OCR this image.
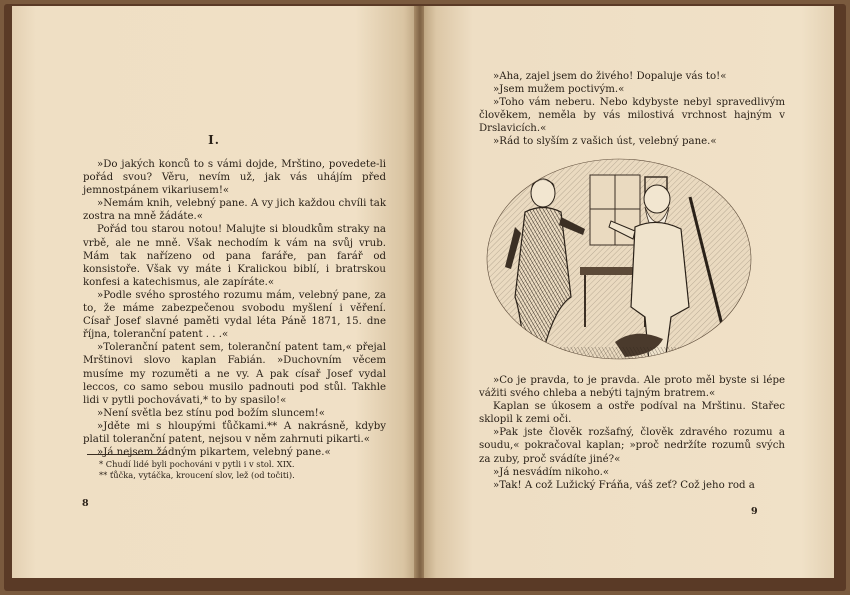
I.

»Do jakých konců to s vámi dojde, Mrštino, povedete-li pořád svou? Věru, nevím už, jak vás uhájím před jemnostpánem vikariusem!«

»Nemám knih, velebný pane. A vy jich každou chvíli tak zostra na mně žádáte.«

Pořád tou starou notou! Malujte si bloudkům straky na vrbě, ale ne mně. Však nechodím k vám na svůj vrub. Mám tak nařízeno od pana faráře, pan farář od konsistoře. Však vy máte i Kralickou biblí, i bratrskou konfesi a katechismus, ale zapíráte.«

»Podle svého sprostého rozumu mám, velebný pane, za to, že máme zabezpečenou svobodu myšlení i věření. Císař Josef slavné paměti vydal léta Páně 1871, 15. dne října, toleranční patent . . .«

»Toleranční patent sem, toleranční patent tam,« přejal Mrštinovi slovo kaplan Fabián. »Duchovním věcem musíme my rozuměti a ne vy. A pak císař Josef vydal leccos, co samo sebou musilo padnouti pod stůl. Takhle lidi v pytli pochovávati,* to by spasilo!«

»Není světla bez stínu pod božím sluncem!«

»Jděte mi s hloupými ťůčkami.** A nakrásně, kdyby platil toleranční patent, nejsou v něm zahrnuti pikarti.«

»Já nejsem žádným pikartem, velebný pane.«

* Chudí lidé byli pochováni v pytli i v stol. XIX.
** ťůčka, vytáčka, kroucení slov, lež (od točiti).
8

»Aha, zajel jsem do živého! Dopaluje vás to!«

»Jsem mužem poctivým.«

»Toho vám neberu. Nebo kdybyste nebyl spravedlivým člověkem, neměla by vás milostivá vrchnost hajným v Drslavicích.«

»Rád to slyším z vašich úst, velebný pane.«

»Co je pravda, to je pravda. Ale proto měl byste si lépe vážiti svého chleba a nebýti tajným bratrem.«

Kaplan se úkosem a ostře podíval na Mrštinu. Stařec sklopil k zemi oči.

»Pak jste člověk rozšafný, člověk zdravého rozumu a soudu,« pokračoval kaplan; »proč nedržíte rozumů svých za zuby, proč svádíte jiné?«

»Já nesvádím nikoho.«

»Tak! A což Lužický Fráňa, váš zeť? Což jeho rod a

9
